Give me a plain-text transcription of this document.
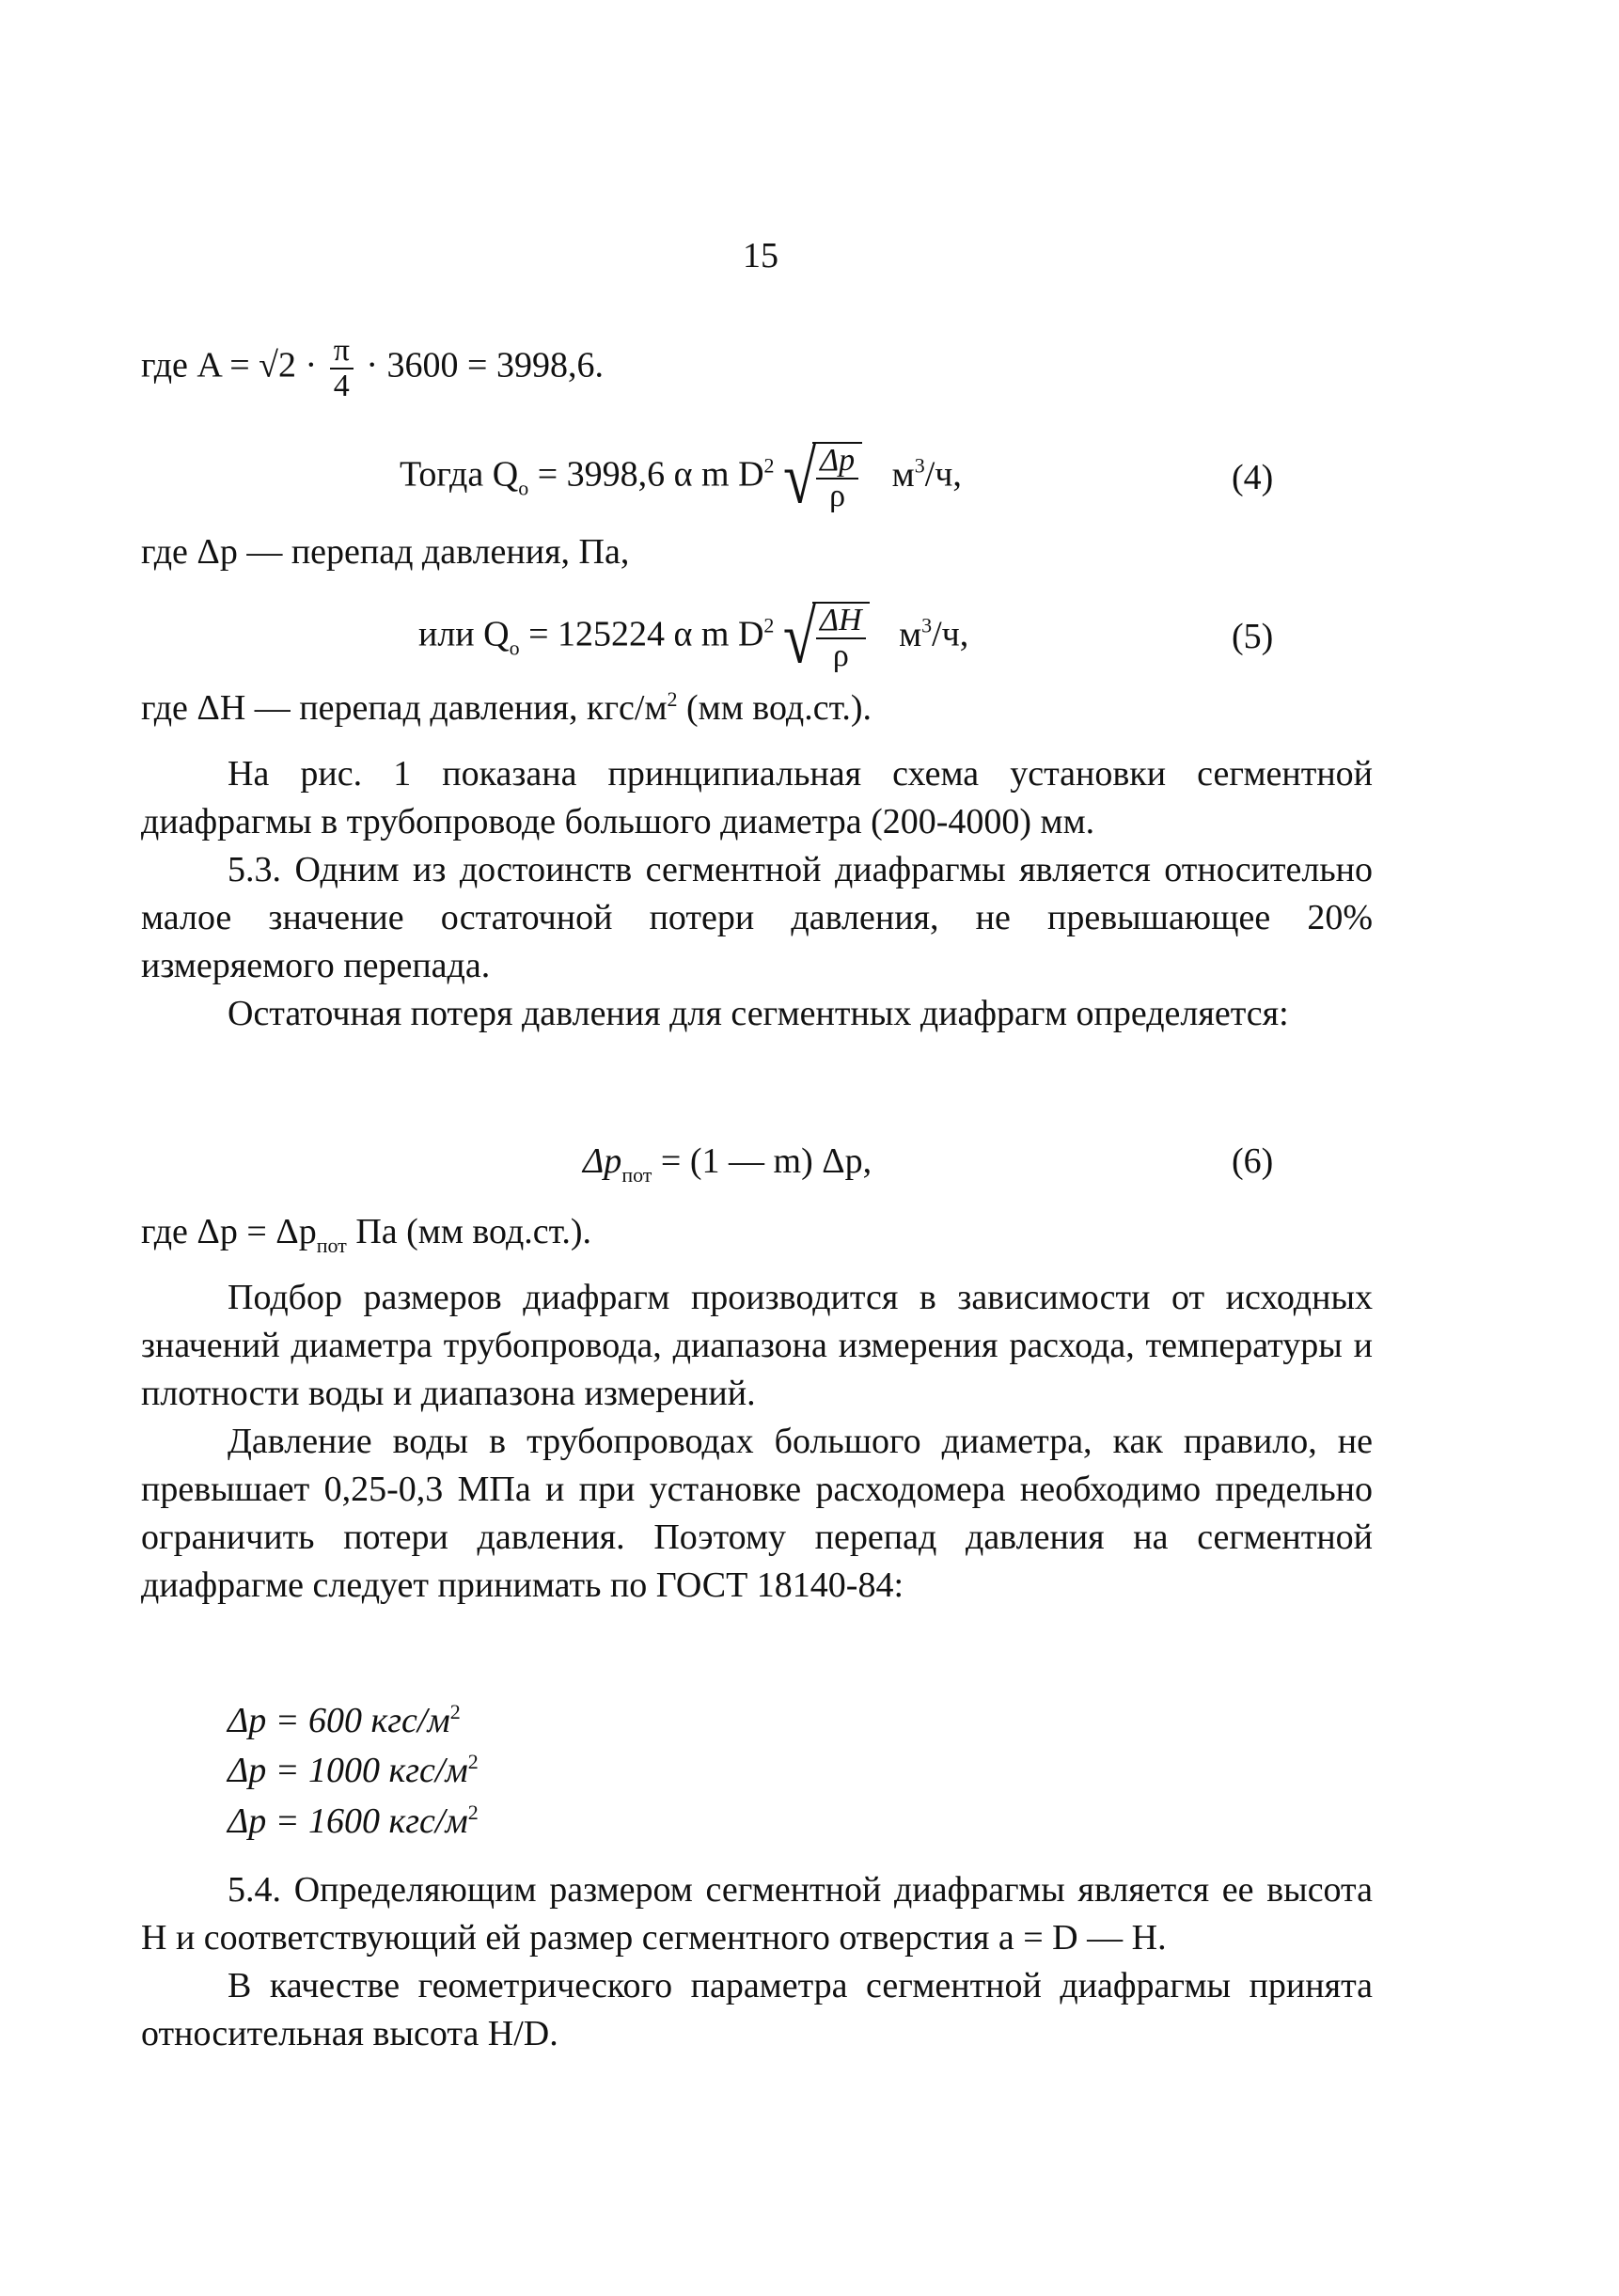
15
где $A = √2 \cdot \frac{\pi}{4} \cdot 3600 = 3998,6$.
Тогда $Q_o = 3998,6$ α m $D^2$ √ $\frac{\Delta p}{\rho} м^3/ч$,	(4)
где Δp — перепад давления, Па,
или $Q_o = 125224$ α m $D^2$ √ $\frac{\Delta H}{\rho} м^3/ч$,	(5)
где ΔH — перепад давления, кгс/$м^2$ (мм вод.ст.).

На рис. 1 показана принципиальная схема установки сегментной диафрагмы в трубопроводе большого диаметра (200-4000) мм.

5.3. Одним из достоинств сегментной диафрагмы является относительно малое значение остаточной потери давления, не превышающее 20% измеряемого перепада.

Остаточная потеря давления для сегментных диафрагм определяется:

$\Delta p_{пот} = (1$ — m) Δp,	(6)
где $\Delta p = \Delta p_{пот}$ Па (мм вод.ст.).

Подбор размеров диафрагм производится в зависимости от исходных значений диаметра трубопровода, диапазона измерения расхода, температуры и плотности воды и диапазона измерений.

Давление воды в трубопроводах большого диаметра, как правило, не превышает 0,25-0,3 МПа и при установке расходомера необходимо предельно ограничить потери давления. Поэтому перепад давления на сегментной диафрагме следует принимать по ГОСТ 18140-84:

Δp = 600 кгс/$м^2$
Δp = 1000 кгс/$м^2$
Δp = 1600 кгс/$м^2$

5.4. Определяющим размером сегментной диафрагмы является ее высота H и соответствующий ей размер сегментного отверстия a = D — H.

В качестве геометрического параметра сегментной диафрагмы принята относительная высота H/D.
